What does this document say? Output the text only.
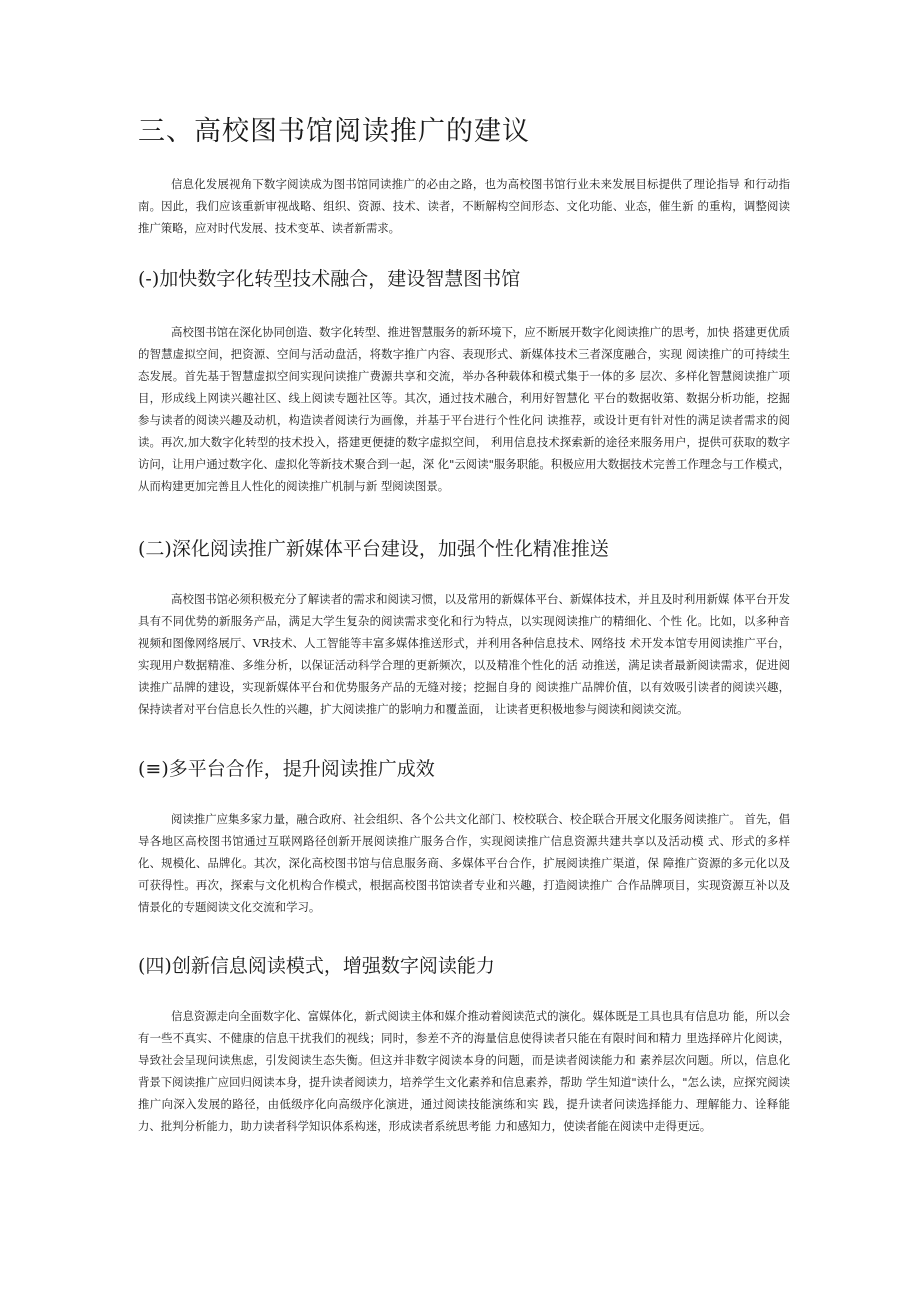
三、高校图书馆阅读推广的建议

信息化发展视角下数字阅读成为图书馆同读推广的必由之路，也为高校图书馆行业未来发展目标提供了理论指导 和行动指南。因此，我们应该重新审视战略、组织、资源、技术、读者，不断解构空间形态、文化功能、业态，催生新 的重构，调整阅读推广策略，应对时代发展、技术变革、读者新需求。

(-)加快数字化转型技术融合，建设智慧图书馆

高校图书馆在深化协同创造、数字化转型、推进智慧服务的新环境下，应不断展开数字化阅读推广的思考，加快 搭建更优质的智慧虚拟空间，把资源、空间与活动盘活，将数字推广内容、表现形式、新媒体技术三者深度融合，实现 阅读推广的可持续生态发展。首先基于智慧虚拟空间实现问读推广费源共享和交流，举办各种载体和模式集于一体的多 层次、多样化智慧阅读推广项目，形成线上网读兴趣社区、线上阅读专题社区等。其次，通过技术融合，利用好智慧化 平台的数据收第、数据分析功能，挖掘参与读者的阅读兴趣及动机，构造读者阅读行为画像，并基于平台进行个性化问 读推荐，或设计更有针对性的满足读者需求的阅读。再次,加大数字化转型的技术投入，搭建更便捷的数字虚拟空间， 利用信息技术探索新的途径来服务用户，提供可获取的数字访问，让用户通过数字化、虚拟化等新技术聚合到一起，深 化"云阅读"服务职能。积极应用大数据技术完善工作理念与工作模式，从而构建更加完善且人性化的阅读推广机制与新 型阅读图景。

(二)深化阅读推广新媒体平台建设，加强个性化精准推送

高校图书馆必须积极充分了解读者的需求和阅读习惯，以及常用的新媒体平台、新媒体技术，并且及时利用新媒 体平台开发具有不同优势的新服务产品，满足大学生复杂的阅读需求变化和行为特点，以实现阅读推广的精细化、个性 化。比如，以多种音视频和图像网络展厅、VR技术、人工智能等丰富多媒体推送形式，并利用各种信息技术、网络技 术开发本馆专用阅读推广平台，实现用户数据精准、多维分析，以保证活动科学合理的更新频次，以及精准个性化的活 动推送，满足读者最新阅读需求，促进阅读推广品牌的建设，实现新媒体平台和优势服务产品的无缝对接；挖掘自身的 阅读推广品牌价值，以有效吸引读者的阅读兴趣，保持读者对平台信息长久性的兴趣，扩大阅读推广的影响力和覆盖面， 让读者更积极地参与阅读和阅读交流。

(≡)多平台合作，提升阅读推广成效

阅读推广应集多家力量，融合政府、社会组织、各个公共文化部门、校校联合、校企联合开展文化服务阅读推广。 首先，倡导各地区高校图书馆通过互联网路径创新开展阅读推广服务合作，实现阅读推广信息资源共建共享以及活动模 式、形式的多样化、规模化、品牌化。其次，深化高校图书馆与信息服务商、多媒体平台合作，扩展阅读推广渠道，保 障推广资源的多元化以及可获得性。再次，探索与文化机构合作模式，根据高校图书馆读者专业和兴趣，打造阅读推广 合作品牌项目，实现资源互补以及情景化的专题阅读文化交流和学习。

(四)创新信息阅读模式，增强数字阅读能力

信息资源走向全面数字化、富媒体化，新式阅读主体和媒介推动着阅读范式的演化。媒体既是工具也具有信息功 能，所以会有一些不真实、不健康的信息干扰我们的视线；同时，参差不齐的海量信息使得读者只能在有限时间和精力 里选择碎片化阅读，导致社会呈现问读焦虑，引发阅读生态失衡。但这并非数字阅读本身的问题，而是读者阅读能力和 素养层次问题。所以，信息化背景下阅读推广应回归阅读本身，提升读者阅读力，培养学生文化素养和信息素养，帮助 学生知道"读什么，"怎么读，应探究阅读推广向深入发展的路径，由低级序化向高级序化演进，通过阅读技能演练和实 践，提升读者问读选择能力、理解能力、诠释能力、批判分析能力，助力读者科学知识体系构迷，形成读者系统思考能 力和感知力，使读者能在阅读中走得更远。
